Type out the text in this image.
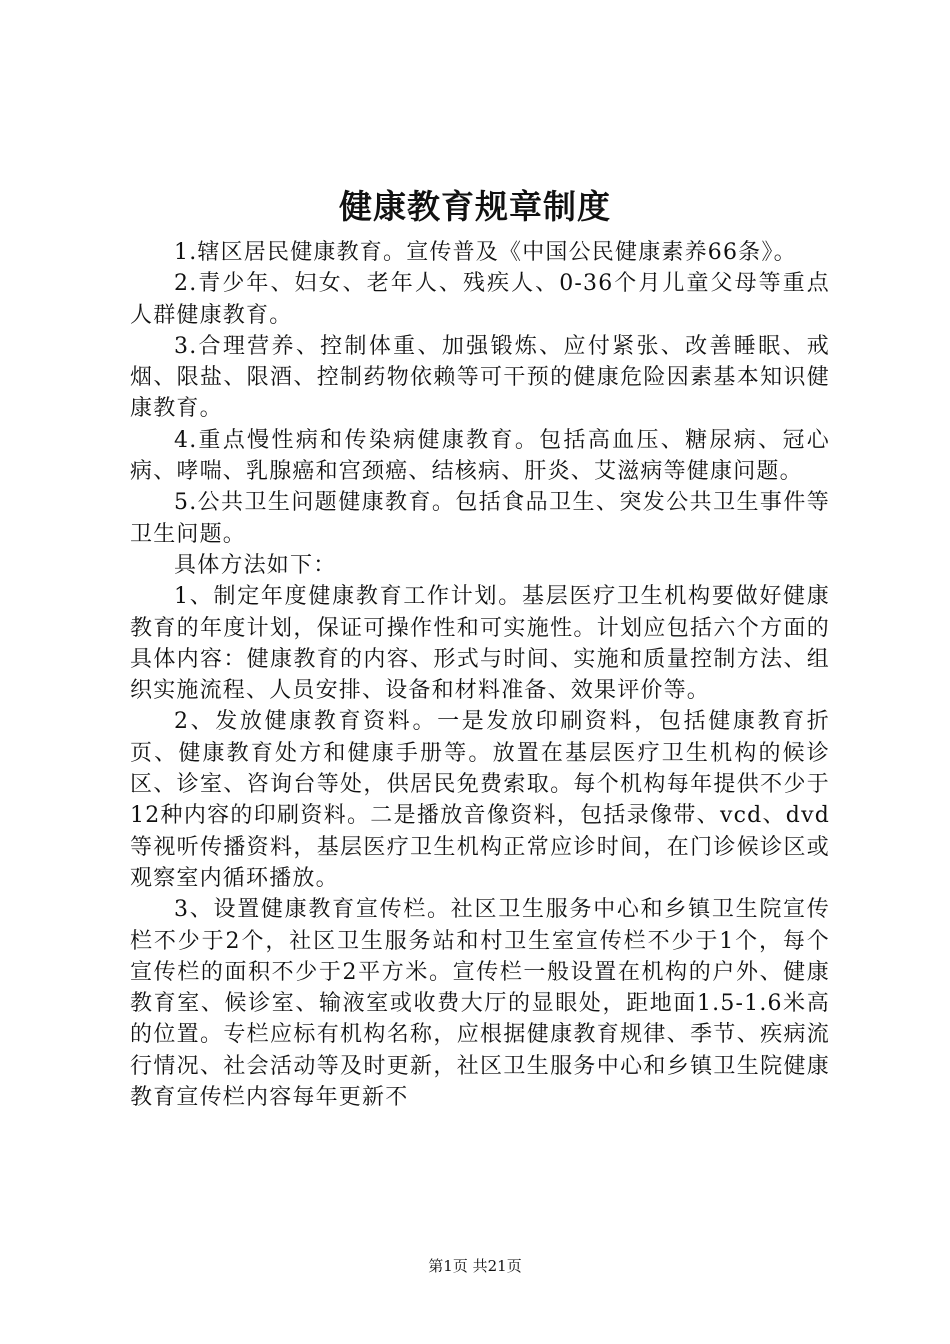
健康教育规章制度

1.辖区居民健康教育。宣传普及《中国公民健康素养66条》。

2.青少年、妇女、老年人、残疾人、0-36个月儿童父母等重点人群健康教育。

3.合理营养、控制体重、加强锻炼、应付紧张、改善睡眠、戒烟、限盐、限酒、控制药物依赖等可干预的健康危险因素基本知识健康教育。

4.重点慢性病和传染病健康教育。包括高血压、糖尿病、冠心病、哮喘、乳腺癌和宫颈癌、结核病、肝炎、艾滋病等健康问题。

5.公共卫生问题健康教育。包括食品卫生、突发公共卫生事件等卫生问题。

具体方法如下：

1、制定年度健康教育工作计划。基层医疗卫生机构要做好健康教育的年度计划，保证可操作性和可实施性。计划应包括六个方面的具体内容：健康教育的内容、形式与时间、实施和质量控制方法、组织实施流程、人员安排、设备和材料准备、效果评价等。

2、发放健康教育资料。一是发放印刷资料，包括健康教育折页、健康教育处方和健康手册等。放置在基层医疗卫生机构的候诊区、诊室、咨询台等处，供居民免费索取。每个机构每年提供不少于12种内容的印刷资料。二是播放音像资料，包括录像带、vcd、dvd等视听传播资料，基层医疗卫生机构正常应诊时间，在门诊候诊区或观察室内循环播放。

3、设置健康教育宣传栏。社区卫生服务中心和乡镇卫生院宣传栏不少于2个，社区卫生服务站和村卫生室宣传栏不少于1个，每个宣传栏的面积不少于2平方米。宣传栏一般设置在机构的户外、健康教育室、候诊室、输液室或收费大厅的显眼处，距地面1.5-1.6米高的位置。专栏应标有机构名称，应根据健康教育规律、季节、疾病流行情况、社会活动等及时更新，社区卫生服务中心和乡镇卫生院健康教育宣传栏内容每年更新不

第1页 共21页
